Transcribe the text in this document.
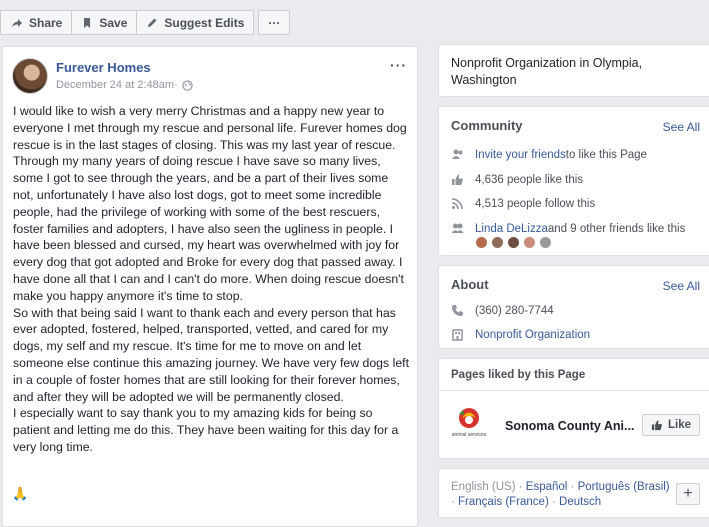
Share	Save	Suggest Edits ···
Furever Homes
December 24 at 2:48am ·
···
I would like to wish a very merry Christmas and a happy new year to everyone I met through my rescue and personal life. Furever homes dog rescue is in the last stages of closing. This was my last year of rescue.
Through my many years of doing rescue I have save so many lives, some I got to see through the years, and be a part of their lives some not, unfortunately I have also lost dogs, got to meet some incredible people, had the privilege of working with some of the best rescuers, foster families and adopters, I have also seen the ugliness in people. I have been blessed and cursed, my heart was overwhelmed with joy for every dog that got adopted and Broke for every dog that passed away. I have done all that I can and I can't do more. When doing rescue doesn't make you happy anymore it's time to stop.
So with that being said I want to thank each and every person that has ever adopted, fostered, helped, transported, vetted, and cared for my dogs, my self and my rescue. It's time for me to move on and let someone else continue this amazing journey. We have very few dogs left in a couple of foster homes that are still looking for their forever homes, and after they will be adopted we will be permanently closed.
I especially want to say thank you to my amazing kids for being so patient and letting me do this. They have been waiting for this day for a very long time.
🙏
Nonprofit Organization in Olympia, Washington
Community	See All
Invite your friends to like this Page
4,636 people like this
4,513 people follow this
Linda DeLizza and 9 other friends like this
About	See All
(360) 280-7744
Nonprofit Organization
Pages liked by this Page
animal services
Sonoma County Ani...	Like
English (US) · Español · Português (Brasil)
· Français (France) · Deutsch	+
